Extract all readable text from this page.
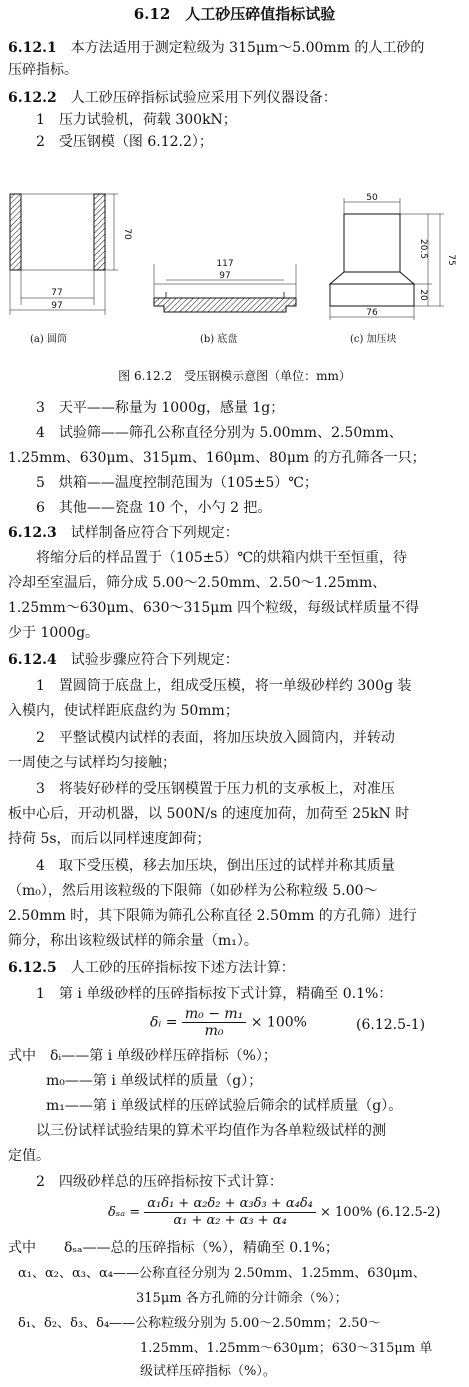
6.12　人工砂压碎值指标试验
6.12.1　 本方法适用于测定粒级为 315μm～5.00mm 的人工砂的
压碎指标。
6.12.2　 人工砂压碎指标试验应采用下列仪器设备：
1　压力试验机，荷载 300kN；
2　受压钢模（图 6.12.2）；
70
77
97
117
97
50
20.5
75
20
76
(a) 圆筒	(b) 底盘	(c) 加压块
图 6.12.2　受压钢模示意图（单位：mm）
3　天平——称量为 1000g，感量 1g；
4　试验筛——筛孔公称直径分别为 5.00mm、2.50mm、
1.25mm、630μm、315μm、160μm、80μm 的方孔筛各一只；
5　烘箱——温度控制范围为（105±5）℃；
6　其他——瓷盘 10 个，小勺 2 把。
6.12.3　 试样制备应符合下列规定：
将缩分后的样品置于（105±5）℃的烘箱内烘干至恒重，待
冷却至室温后，筛分成 5.00～2.50mm、2.50～1.25mm、
1.25mm～630μm、630～315μm 四个粒级，每级试样质量不得
少于 1000g。
6.12.4　 试验步骤应符合下列规定：
1　置圆筒于底盘上，组成受压模，将一单级砂样约 300g 装
入模内，使试样距底盘约为 50mm；
2　平整试模内试样的表面，将加压块放入圆筒内，并转动
一周使之与试样均匀接触；
3　将装好砂样的受压钢模置于压力机的支承板上，对准压
板中心后，开动机器，以 500N/s 的速度加荷，加荷至 25kN 时
持荷 5s，而后以同样速度卸荷；
4　取下受压模，移去加压块，倒出压过的试样并称其质量
（m₀），然后用该粒级的下限筛（如砂样为公称粒级 5.00～
2.50mm 时，其下限筛为筛孔公称直径 2.50mm 的方孔筛）进行
筛分，称出该粒级试样的筛余量（m₁）。
6.12.5　 人工砂的压碎指标按下述方法计算：
1　第 i 单级砂样的压碎指标按下式计算，精确至 0.1%：
δᵢ = $\frac{\text{m₀ − m₁}}{\text{m₀}} \times 100\%$	(6.12.5-1)
式中　δᵢ——第 i 单级砂样压碎指标（%）；
m₀——第 i 单级试样的质量（g）；
m₁——第 i 单级试样的压碎试验后筛余的试样质量（g）。
以三份试样试验结果的算术平均值作为各单粒级试样的测
定值。
2　四级砂样总的压碎指标按下式计算：
$\delta_{sa} = \frac{\text{α₁δ₁ + α₂δ₂ + α₃δ₃ + α₄δ₄}}{\text{α₁ + α₂ + α₃ + α₄}} \times 100\%$ (6.12.5-2)
式中　　δₛₐ——总的压碎指标（%），精确至 0.1%；
α₁、α₂、α₃、α₄——公称直径分别为 2.50mm、1.25mm、630μm、
315μm 各方孔筛的分计筛余（%）；
δ₁、δ₂、δ₃、δ₄——公称粒级分别为 5.00～2.50mm；2.50～
1.25mm、1.25mm～630μm；630～315μm 单
级试样压碎指标（%）。
